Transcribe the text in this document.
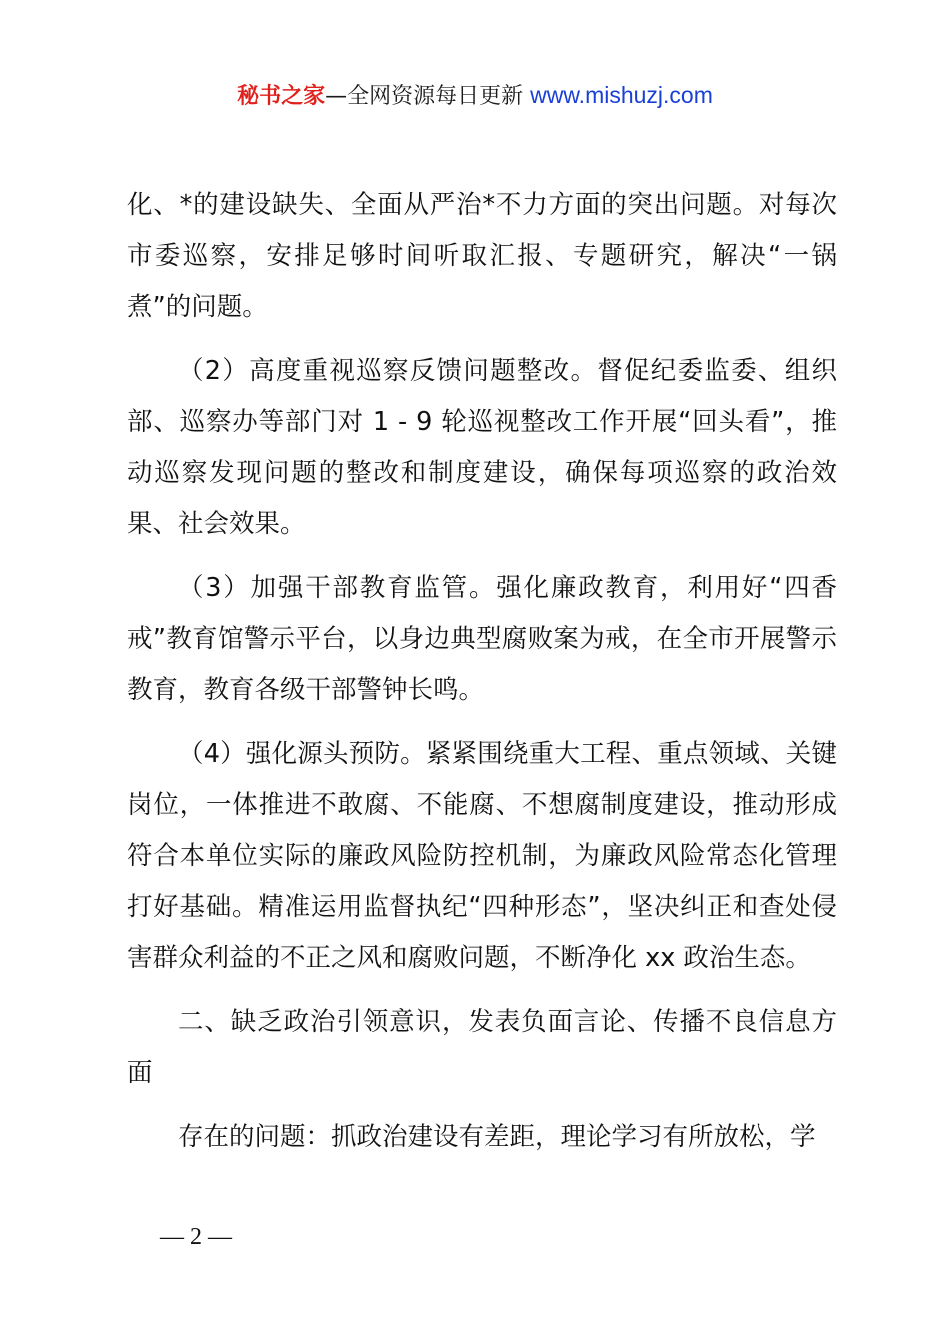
秘书之家—全网资源每日更新 www.mishuzj.com

化、*的建设缺失、全面从严治*不力方面的突出问题。对每次市委巡察，安排足够时间听取汇报、专题研究，解决“一锅煮”的问题。

（2）高度重视巡察反馈问题整改。督促纪委监委、组织部、巡察办等部门对 1 - 9 轮巡视整改工作开展“回头看”，推动巡察发现问题的整改和制度建设，确保每项巡察的政治效果、社会效果。

（3）加强干部教育监管。强化廉政教育，利用好“四香戒”教育馆警示平台，以身边典型腐败案为戒，在全市开展警示教育，教育各级干部警钟长鸣。

（4）强化源头预防。紧紧围绕重大工程、重点领域、关键岗位，一体推进不敢腐、不能腐、不想腐制度建设，推动形成符合本单位实际的廉政风险防控机制，为廉政风险常态化管理打好基础。精准运用监督执纪“四种形态”，坚决纠正和查处侵害群众利益的不正之风和腐败问题，不断净化 xx 政治生态。

二、缺乏政治引领意识，发表负面言论、传播不良信息方面

存在的问题：抓政治建设有差距，理论学习有所放松，学

— 2 —
